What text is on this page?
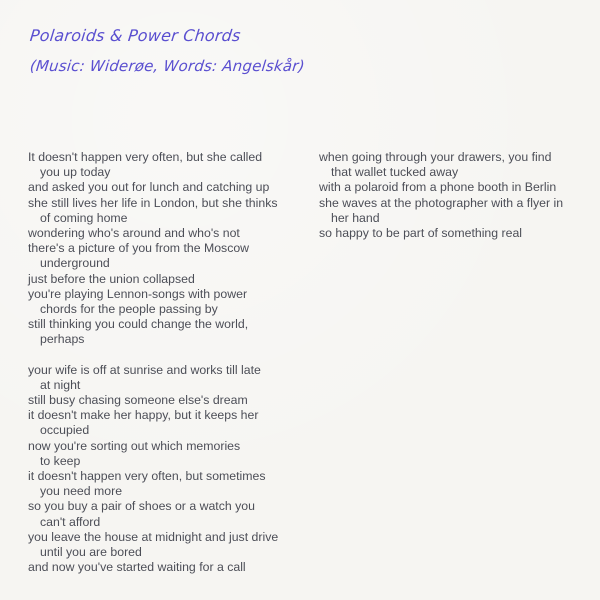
Polaroids & Power Chords
(Music: Widerøe, Words: Angelskår)
It doesn't happen very often, but she called
you up today
and asked you out for lunch and catching up
she still lives her life in London, but she thinks
of coming home
wondering who's around and who's not
there's a picture of you from the Moscow
underground
just before the union collapsed
you're playing Lennon-songs with power
chords for the people passing by
still thinking you could change the world,
perhaps
your wife is off at sunrise and works till late
at night
still busy chasing someone else's dream
it doesn't make her happy, but it keeps her
occupied
now you're sorting out which memories
to keep
it doesn't happen very often, but sometimes
you need more
so you buy a pair of shoes or a watch you
can't afford
you leave the house at midnight and just drive
until you are bored
and now you've started waiting for a call
when going through your drawers, you find
that wallet tucked away
with a polaroid from a phone booth in Berlin
she waves at the photographer with a flyer in
her hand
so happy to be part of something real
